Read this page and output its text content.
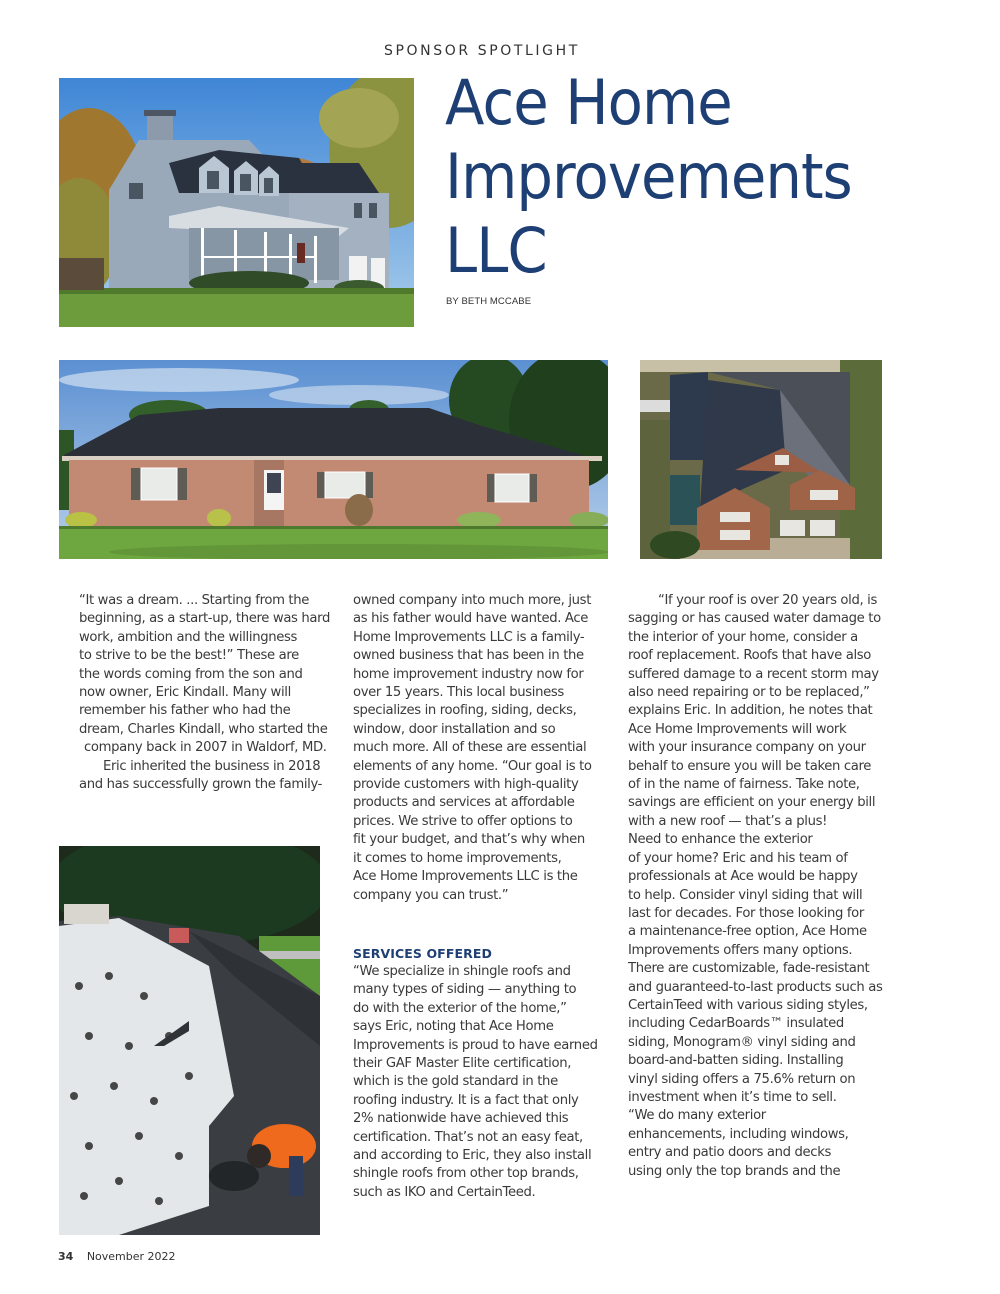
SPONSOR SPOTLIGHT
Ace Home
Improvements
LLC
BY BETH MCCABE
“It was a dream. ... Starting from the
beginning, as a start-up, there was hard
work, ambition and the willingness
to strive to be the best!” These are
the words coming from the son and
now owner, Eric Kindall. Many will
remember his father who had the
dream, Charles Kindall, who started the
company back in 2007 in Waldorf, MD.
Eric inherited the business in 2018
and has successfully grown the family-
owned company into much more, just
as his father would have wanted. Ace
Home Improvements LLC is a family-
owned business that has been in the
home improvement industry now for
over 15 years. This local business
specializes in roofing, siding, decks,
window, door installation and so
much more. All of these are essential
elements of any home. “Our goal is to
provide customers with high-quality
products and services at affordable
prices. We strive to offer options to
fit your budget, and that’s why when
it comes to home improvements,
Ace Home Improvements LLC is the
company you can trust.”
SERVICES OFFERED
“We specialize in shingle roofs and
many types of siding — anything to
do with the exterior of the home,”
says Eric, noting that Ace Home
Improvements is proud to have earned
their GAF Master Elite certification,
which is the gold standard in the
roofing industry. It is a fact that only
2% nationwide have achieved this
certification. That’s not an easy feat,
and according to Eric, they also install
shingle roofs from other top brands,
such as IKO and CertainTeed.
“If your roof is over 20 years old, is
sagging or has caused water damage to
the interior of your home, consider a
roof replacement. Roofs that have also
suffered damage to a recent storm may
also need repairing or to be replaced,”
explains Eric. In addition, he notes that
Ace Home Improvements will work
with your insurance company on your
behalf to ensure you will be taken care
of in the name of fairness. Take note,
savings are efficient on your energy bill
with a new roof — that’s a plus!
Need to enhance the exterior
of your home? Eric and his team of
professionals at Ace would be happy
to help. Consider vinyl siding that will
last for decades. For those looking for
a maintenance-free option, Ace Home
Improvements offers many options.
There are customizable, fade-resistant
and guaranteed-to-last products such as
CertainTeed with various siding styles,
including CedarBoards™ insulated
siding, Monogram® vinyl siding and
board-and-batten siding. Installing
vinyl siding offers a 75.6% return on
investment when it’s time to sell.
“We do many exterior
enhancements, including windows,
entry and patio doors and decks
using only the top brands and the
34 November 2022
